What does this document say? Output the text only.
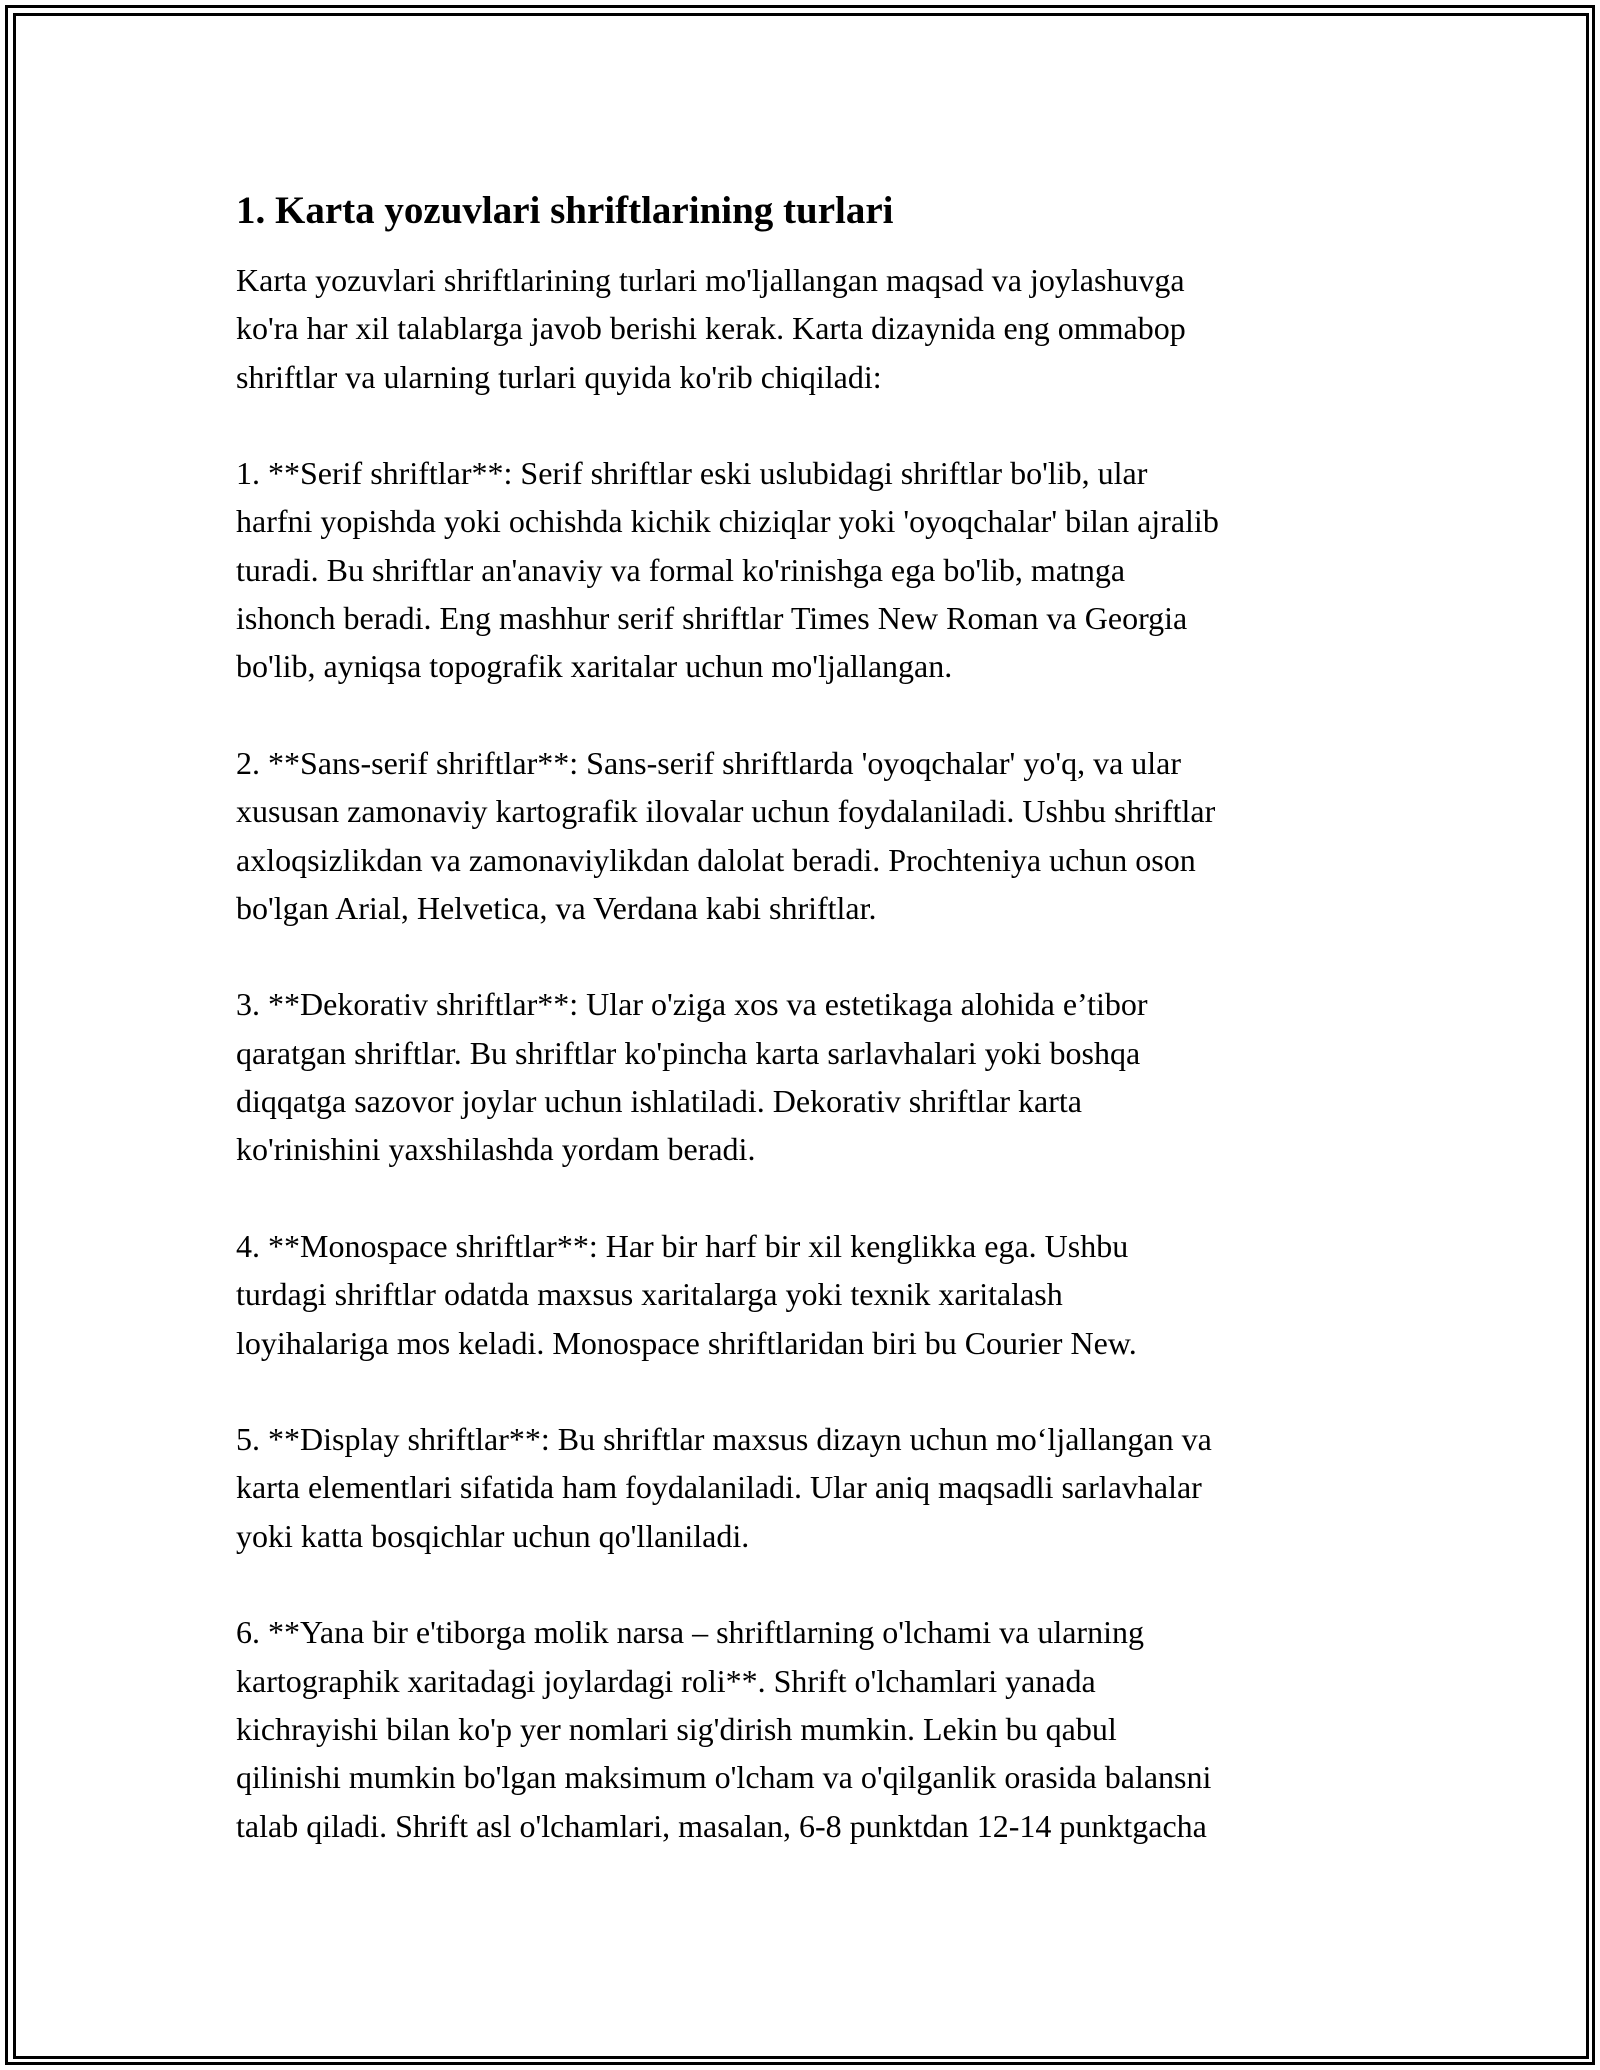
1. Karta yozuvlari shriftlarining turlari

Karta yozuvlari shriftlarining turlari mo'ljallangan maqsad va joylashuvga
ko'ra har xil talablarga javob berishi kerak. Karta dizaynida eng ommabop
shriftlar va ularning turlari quyida ko'rib chiqiladi:

1. **Serif shriftlar**: Serif shriftlar eski uslubidagi shriftlar bo'lib, ular
harfni yopishda yoki ochishda kichik chiziqlar yoki 'oyoqchalar' bilan ajralib
turadi. Bu shriftlar an'anaviy va formal ko'rinishga ega bo'lib, matnga
ishonch beradi. Eng mashhur serif shriftlar Times New Roman va Georgia
bo'lib, ayniqsa topografik xaritalar uchun mo'ljallangan.

2. **Sans-serif shriftlar**: Sans-serif shriftlarda 'oyoqchalar' yo'q, va ular
xususan zamonaviy kartografik ilovalar uchun foydalaniladi. Ushbu shriftlar
axloqsizlikdan va zamonaviylikdan dalolat beradi. Prochteniya uchun oson
bo'lgan Arial, Helvetica, va Verdana kabi shriftlar.

3. **Dekorativ shriftlar**: Ular o'ziga xos va estetikaga alohida e’tibor
qaratgan shriftlar. Bu shriftlar ko'pincha karta sarlavhalari yoki boshqa
diqqatga sazovor joylar uchun ishlatiladi. Dekorativ shriftlar karta
ko'rinishini yaxshilashda yordam beradi.

4. **Monospace shriftlar**: Har bir harf bir xil kenglikka ega. Ushbu
turdagi shriftlar odatda maxsus xaritalarga yoki texnik xaritalash
loyihalariga mos keladi. Monospace shriftlaridan biri bu Courier New.

5. **Display shriftlar**: Bu shriftlar maxsus dizayn uchun mo‘ljallangan va
karta elementlari sifatida ham foydalaniladi. Ular aniq maqsadli sarlavhalar
yoki katta bosqichlar uchun qo'llaniladi.

6. **Yana bir e'tiborga molik narsa – shriftlarning o'lchami va ularning
kartographik xaritadagi joylardagi roli**. Shrift o'lchamlari yanada
kichrayishi bilan ko'p yer nomlari sig'dirish mumkin. Lekin bu qabul
qilinishi mumkin bo'lgan maksimum o'lcham va o'qilganlik orasida balansni
talab qiladi. Shrift asl o'lchamlari, masalan, 6-8 punktdan 12-14 punktgacha
